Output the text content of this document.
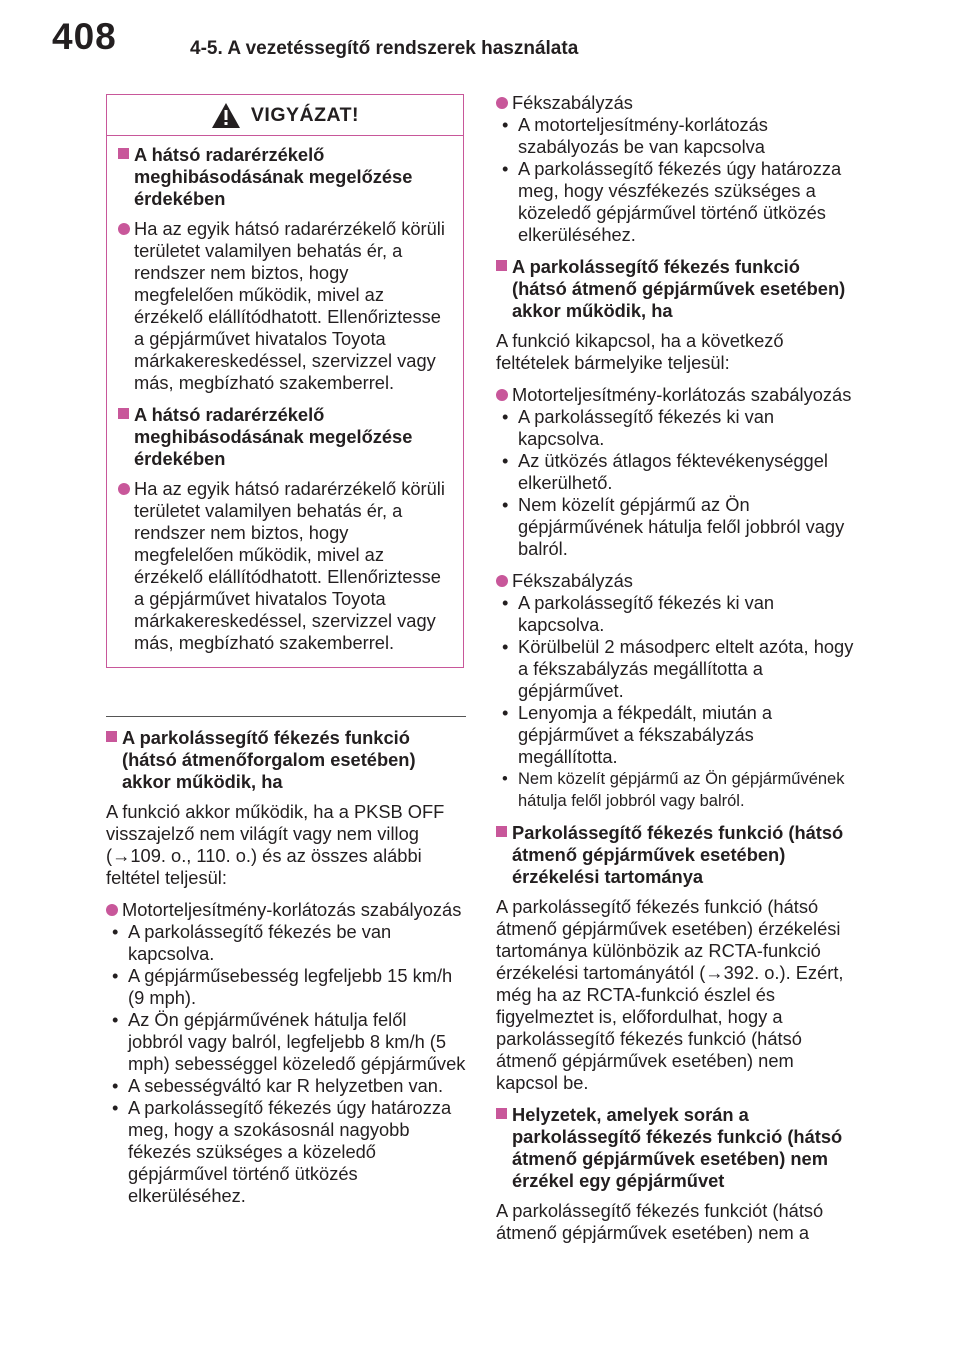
408	4-5. A vezetéssegítő rendszerek használata
VIGYÁZAT!
A hátsó radarérzékelő meghibásodásának megelőzése érdekében
Ha az egyik hátsó radarérzékelő körüli területet valamilyen behatás ér, a rendszer nem biztos, hogy megfelelően működik, mivel az érzékelő elállítódhatott. Ellenőriztesse a gépjárművet hivatalos Toyota márkakereskedéssel, szervizzel vagy más, megbízható szakemberrel.
A hátsó radarérzékelő meghibásodásának megelőzése érdekében
Ha az egyik hátsó radarérzékelő körüli területet valamilyen behatás ér, a rendszer nem biztos, hogy megfelelően működik, mivel az érzékelő elállítódhatott. Ellenőriztesse a gépjárművet hivatalos Toyota márkakereskedéssel, szervizzel vagy más, megbízható szakemberrel.
A parkolássegítő fékezés funkció (hátsó átmenőforgalom esetében) akkor működik, ha

A funkció akkor működik, ha a PKSB OFF visszajelző nem világít vagy nem villog (→109. o., 110. o.) és az összes alábbi feltétel teljesül:

Motorteljesítmény-korlátozás szabályozás

• A parkolássegítő fékezés be van kapcsolva.

• A gépjárműsebesség legfeljebb 15 km/h (9 mph).

• Az Ön gépjárművének hátulja felől jobbról vagy balról, legfeljebb 8 km/h (5 mph) sebességgel közeledő gépjárművek

• A sebességváltó kar R helyzetben van.

• A parkolássegítő fékezés úgy határozza meg, hogy a szokásosnál nagyobb fékezés szükséges a közeledő gépjárművel történő ütközés elkerüléséhez.

Fékszabályzás

• A motorteljesítmény-korlátozás szabályozás be van kapcsolva

• A parkolássegítő fékezés úgy határozza meg, hogy vészfékezés szükséges a közeledő gépjárművel történő ütközés elkerüléséhez.

A parkolássegítő fékezés funkció (hátsó átmenő gépjárművek esetében) akkor működik, ha

A funkció kikapcsol, ha a következő feltételek bármelyike teljesül:

Motorteljesítmény-korlátozás szabályozás

• A parkolássegítő fékezés ki van kapcsolva.

• Az ütközés átlagos féktevékenységgel elkerülhető.

• Nem közelít gépjármű az Ön gépjárművének hátulja felől jobbról vagy balról.

Fékszabályzás

• A parkolássegítő fékezés ki van kapcsolva.

• Körülbelül 2 másodperc eltelt azóta, hogy a fékszabályzás megállította a gépjárművet.

• Lenyomja a fékpedált, miután a gépjárművet a fékszabályzás megállította.

• Nem közelít gépjármű az Ön gépjárművének hátulja felől jobbról vagy balról.

Parkolássegítő fékezés funkció (hátsó átmenő gépjárművek esetében) érzékelési tartománya

A parkolássegítő fékezés funkció (hátsó átmenő gépjárművek esetében) érzékelési tartománya különbözik az RCTA-funkció érzékelési tartományától (→392. o.). Ezért, még ha az RCTA-funkció észlel és figyelmeztet is, előfordulhat, hogy a parkolássegítő fékezés funkció (hátsó átmenő gépjárművek esetében) nem kapcsol be.

Helyzetek, amelyek során a parkolássegítő fékezés funkció (hátsó átmenő gépjárművek esetében) nem érzékel egy gépjárművet

A parkolássegítő fékezés funkciót (hátsó átmenő gépjárművek esetében) nem a
